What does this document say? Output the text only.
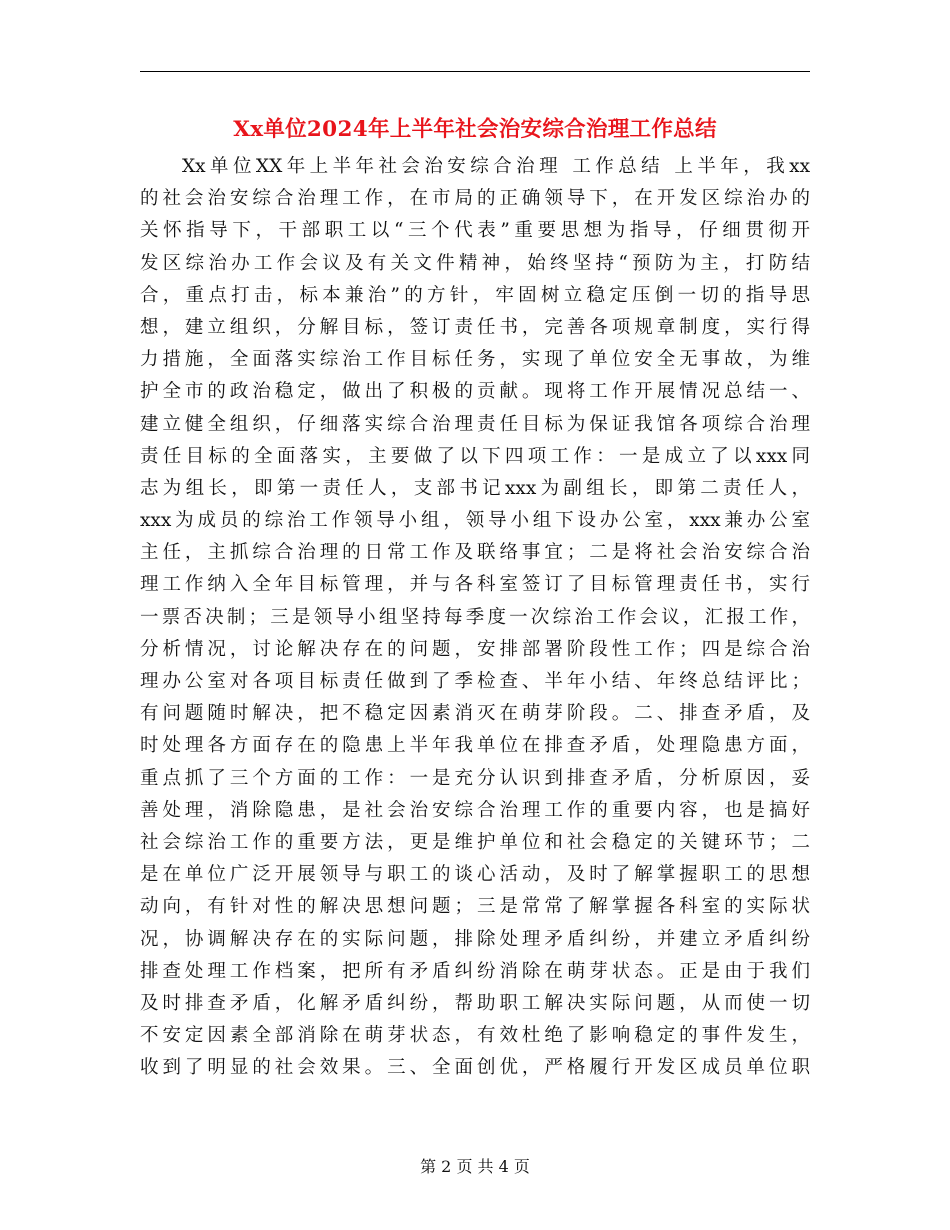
Xx单位2024年上半年社会治安综合治理工作总结
Xx单位XX年上半年社会治安综合治理 工作总结 上半年，我xx
的社会治安综合治理工作，在市局的正确领导下，在开发区综治办的
关怀指导下，干部职工以“三个代表”重要思想为指导，仔细贯彻开
发区综治办工作会议及有关文件精神，始终坚持“预防为主，打防结
合，重点打击，标本兼治”的方针，牢固树立稳定压倒一切的指导思
想，建立组织，分解目标，签订责任书，完善各项规章制度，实行得
力措施，全面落实综治工作目标任务，实现了单位安全无事故，为维
护全市的政治稳定，做出了积极的贡献。现将工作开展情况总结一、
建立健全组织，仔细落实综合治理责任目标为保证我馆各项综合治理
责任目标的全面落实，主要做了以下四项工作：一是成立了以xxx同
志为组长，即第一责任人，支部书记xxx为副组长，即第二责任人，
xxx为成员的综治工作领导小组，领导小组下设办公室，xxx兼办公室
主任，主抓综合治理的日常工作及联络事宜；二是将社会治安综合治
理工作纳入全年目标管理，并与各科室签订了目标管理责任书，实行
一票否决制；三是领导小组坚持每季度一次综治工作会议，汇报工作，
分析情况，讨论解决存在的问题，安排部署阶段性工作；四是综合治
理办公室对各项目标责任做到了季检查、半年小结、年终总结评比；
有问题随时解决，把不稳定因素消灭在萌芽阶段。二、排查矛盾，及
时处理各方面存在的隐患上半年我单位在排查矛盾，处理隐患方面，
重点抓了三个方面的工作：一是充分认识到排查矛盾，分析原因，妥
善处理，消除隐患，是社会治安综合治理工作的重要内容，也是搞好
社会综治工作的重要方法，更是维护单位和社会稳定的关键环节；二
是在单位广泛开展领导与职工的谈心活动，及时了解掌握职工的思想
动向，有针对性的解决思想问题；三是常常了解掌握各科室的实际状
况，协调解决存在的实际问题，排除处理矛盾纠纷，并建立矛盾纠纷
排查处理工作档案，把所有矛盾纠纷消除在萌芽状态。正是由于我们
及时排查矛盾，化解矛盾纠纷，帮助职工解决实际问题，从而使一切
不安定因素全部消除在萌芽状态，有效杜绝了影响稳定的事件发生，
收到了明显的社会效果。三、全面创优，严格履行开发区成员单位职
第 2 页 共 4 页
